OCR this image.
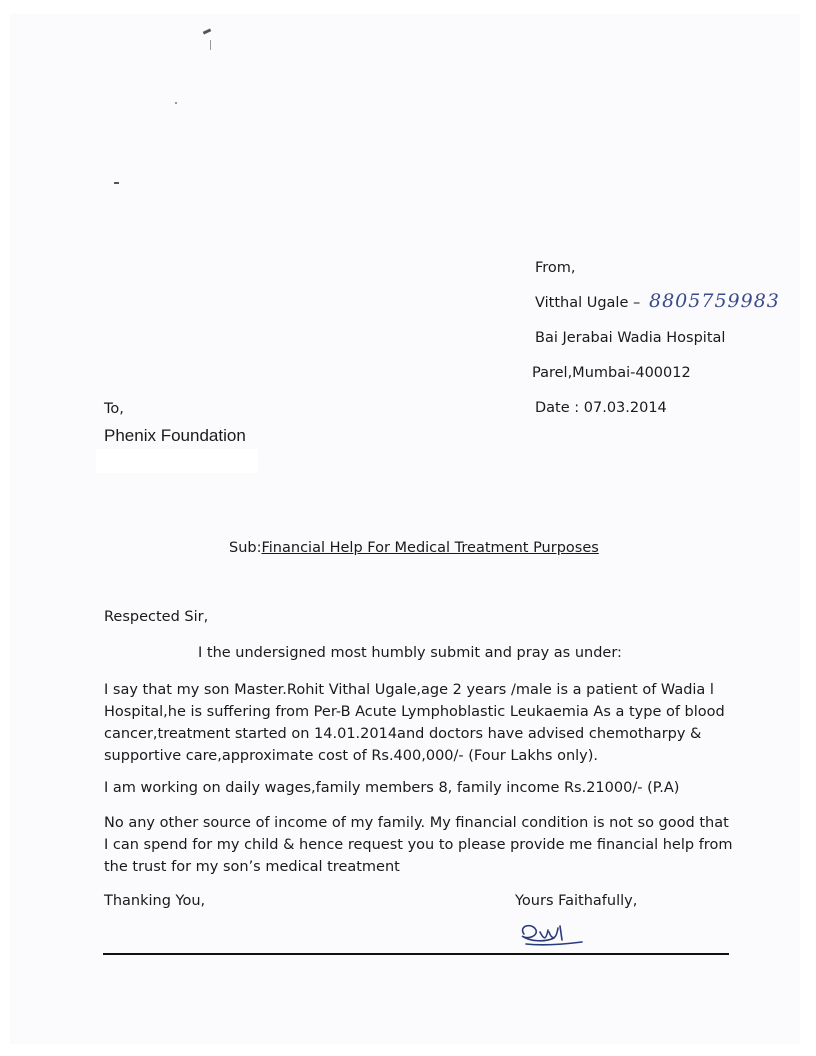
From,
Vitthal Ugale – 8805759983
Bai Jerabai Wadia Hospital
Parel,Mumbai-400012
Date : 07.03.2014
To,
Phenix Foundation
Sub:Financial Help For Medical Treatment Purposes
Respected Sir,
I the undersigned most humbly submit and pray as under:
I say that my son Master.Rohit Vithal Ugale,age 2 years /male is a patient of Wadia l Hospital,he is suffering from Per-B Acute Lymphoblastic Leukaemia As a type of blood cancer,treatment started on 14.01.2014and doctors have advised chemotharpy & supportive care,approximate cost of Rs.400,000/- (Four Lakhs only).
I am working on daily wages,family members 8, family income Rs.21000/- (P.A)
No any other source of income of my family. My financial condition is not so good that I can spend for my child & hence request you to please provide me financial help from the trust for my son’s medical treatment
Thanking You,	Yours Faithafully,
